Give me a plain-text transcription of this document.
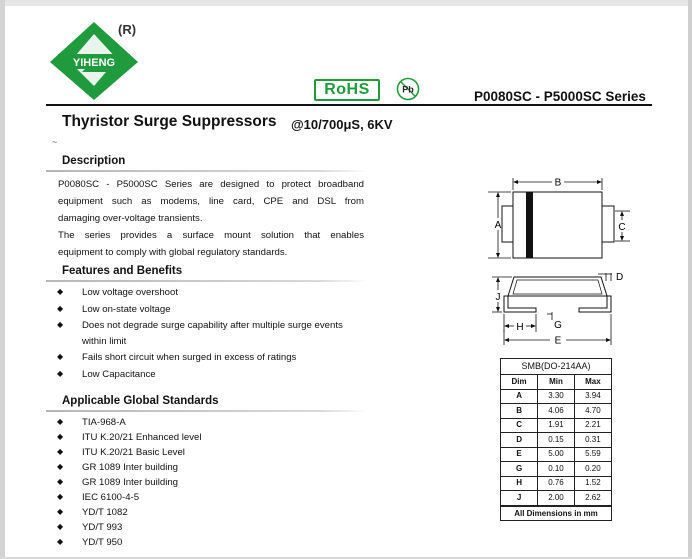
YIHENG
(R)
RoHS	Pb	P0080SC - P5000SC Series
Thyristor Surge Suppressors @10/700μS, 6KV
~
Description
P0080SC - P5000SC Series are designed to protect broadband
equipment such as modems, line card, CPE and DSL from
damaging over-voltage transients.
The series provides a surface mount solution that enables
equipment to comply with global regulatory standards.
Features and Benefits
◆ Low voltage overshoot
◆ Low on-state voltage
◆ Does not degrade surge capability after multiple surge events
within limit
◆ Fails short circuit when surged in excess of ratings
◆ Low Capacitance
Applicable Global Standards
◆ TIA-968-A
◆ ITU K.20/21 Enhanced level
◆ ITU K.20/21 Basic Level
◆ GR 1089 Inter building
◆ GR 1089 Inter building
◆ IEC 6100-4-5
◆ YD/T 1082
◆ YD/T 993
◆ YD/T 950
B
A	C
D
J
H	G
E
SMB(DO-214AA)
Dim	Min	Max
A	3.30	3.94
B	4.06	4.70
C	1.91	2.21
D	0.15	0.31
E	5.00	5.59
G	0.10	0.20
H	0.76	1.52
J	2.00	2.62
All Dimensions in mm
